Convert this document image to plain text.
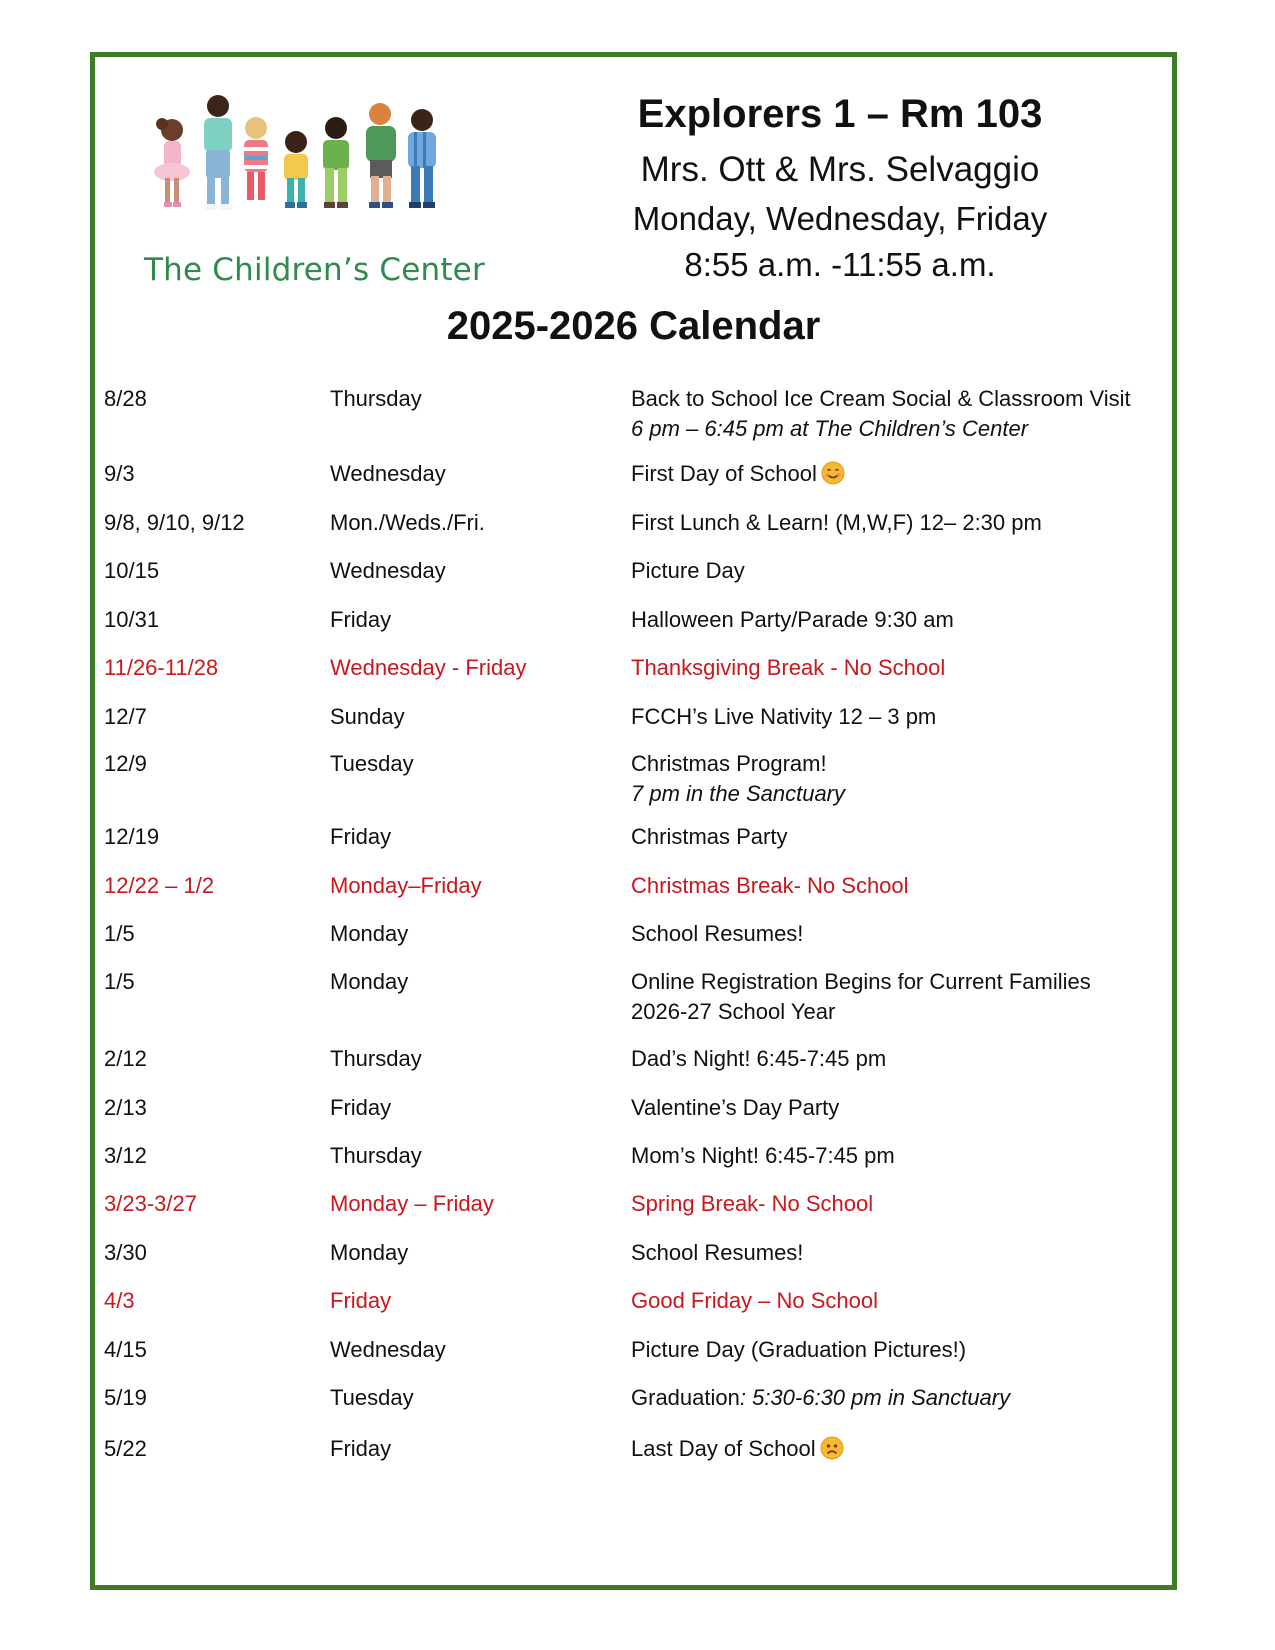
The Children’s Center
Explorers 1 – Rm 103
Mrs. Ott & Mrs. Selvaggio
Monday, Wednesday, Friday
8:55 a.m. -11:55 a.m.
2025-2026 Calendar
8/28	Thursday	Back to School Ice Cream Social & Classroom Visit
6 pm – 6:45 pm at The Children’s Center
9/3	Wednesday	First Day of School
9/8, 9/10, 9/12	Mon./Weds./Fri.	First Lunch & Learn! (M,W,F) 12– 2:30 pm
10/15	Wednesday	Picture Day
10/31	Friday	Halloween Party/Parade 9:30 am
11/26-11/28	Wednesday - Friday	Thanksgiving Break - No School
12/7	Sunday	FCCH’s Live Nativity 12 – 3 pm
12/9	Tuesday	Christmas Program!
7 pm in the Sanctuary
12/19	Friday	Christmas Party
12/22 – 1/2	Monday–Friday	Christmas Break- No School
1/5	Monday	School Resumes!
1/5	Monday	Online Registration Begins for Current Families
2026-27 School Year
2/12	Thursday	Dad’s Night! 6:45-7:45 pm
2/13	Friday	Valentine’s Day Party
3/12	Thursday	Mom’s Night! 6:45-7:45 pm
3/23-3/27	Monday – Friday	Spring Break- No School
3/30	Monday	School Resumes!
4/3	Friday	Good Friday – No School
4/15	Wednesday	Picture Day (Graduation Pictures!)
5/19	Tuesday	Graduation: 5:30-6:30 pm in Sanctuary
5/22	Friday	Last Day of School
